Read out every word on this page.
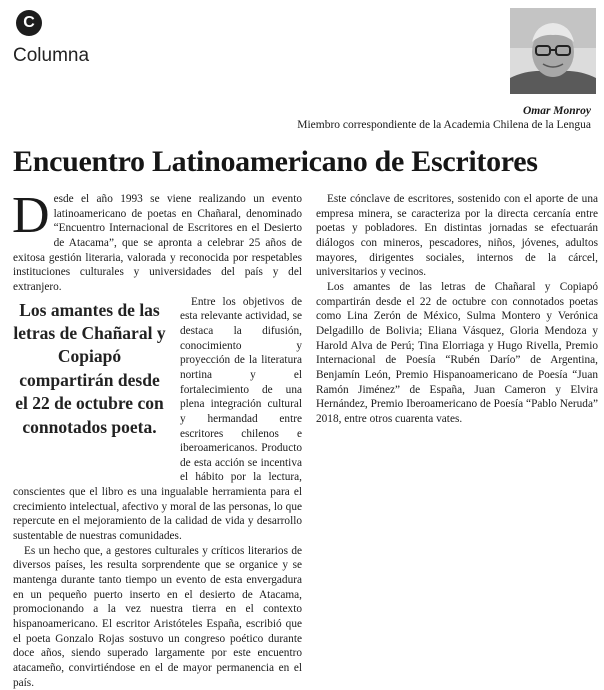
C
Columna
Omar Monroy
Miembro correspondiente de la Academia Chilena de la Lengua
Encuentro Latinoamericano de Escritores

Desde el año 1993 se viene realizando un evento latinoamericano de poetas en Chañaral, denominado “Encuentro Internacional de Escritores en el Desierto de Atacama”, que se apronta a celebrar 25 años de exitosa gestión literaria, valorada y reconocida por respetables instituciones culturales y universidades del país y del extranjero.

Los amantes de las letras de Chañaral y Copiapó compartirán desde el 22 de octubre con connotados poeta.

Entre los objetivos de esta relevante actividad, se destaca la difusión, conocimiento y proyección de la literatura nortina y el fortalecimiento de una plena integración cultural y hermandad entre escritores chilenos e iberoamericanos. Producto de esta acción se incentiva el hábito por la lectura, conscientes que el libro es una ingualable herramienta para el crecimiento intelectual, afectivo y moral de las personas, lo que repercute en el mejoramiento de la calidad de vida y desarrollo sustentable de nuestras comunidades.

Es un hecho que, a gestores culturales y críticos literarios de diversos países, les resulta sorprendente que se organice y se mantenga durante tanto tiempo un evento de esta envergadura en un pequeño puerto inserto en el desierto de Atacama, promocionando a la vez nuestra tierra en el contexto hispanoamericano. El escritor Aristóteles España, escribió que el poeta Gonzalo Rojas sostuvo un congreso poético durante doce años, siendo superado largamente por este encuentro atacameño, convirtiéndose en el de mayor permanencia en el país.

Este cónclave de escritores, sostenido con el aporte de una empresa minera, se caracteriza por la directa cercanía entre poetas y pobladores. En distintas jornadas se efectuarán diálogos con mineros, pescadores, niños, jóvenes, adultos mayores, dirigentes sociales, internos de la cárcel, universitarios y vecinos.

Los amantes de las letras de Chañaral y Copiapó compartirán desde el 22 de octubre con connotados poetas como Lina Zerón de México, Sulma Montero y Verónica Delgadillo de Bolivia; Eliana Vásquez, Gloria Mendoza y Harold Alva de Perú; Tina Elorriaga y Hugo Rivella, Premio Internacional de Poesía “Rubén Darío” de Argentina, Benjamín León, Premio Hispanoamericano de Poesía “Juan Ramón Jiménez” de España, Juan Cameron y Elvira Hernández, Premio Iberoamericano de Poesía “Pablo Neruda” 2018, entre otros cuarenta vates.
